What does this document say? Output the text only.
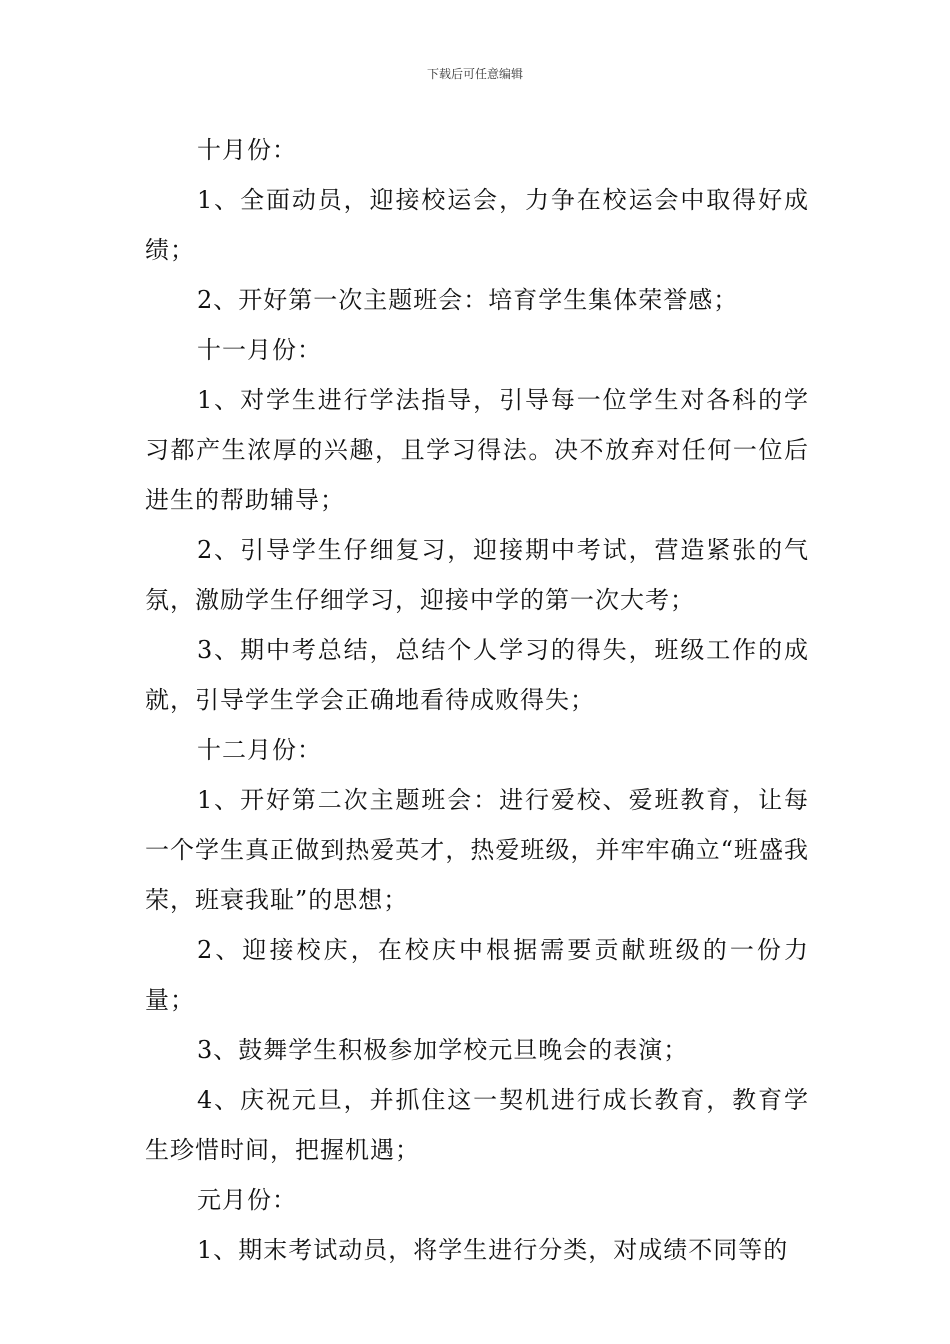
下载后可任意编辑

十月份：

1、全面动员，迎接校运会，力争在校运会中取得好成绩；

2、开好第一次主题班会：培育学生集体荣誉感；

十一月份：

1、对学生进行学法指导，引导每一位学生对各科的学习都产生浓厚的兴趣，且学习得法。决不放弃对任何一位后进生的帮助辅导；

2、引导学生仔细复习，迎接期中考试，营造紧张的气氛，激励学生仔细学习，迎接中学的第一次大考；

3、期中考总结，总结个人学习的得失，班级工作的成就，引导学生学会正确地看待成败得失；

十二月份：

1、开好第二次主题班会：进行爱校、爱班教育，让每一个学生真正做到热爱英才，热爱班级，并牢牢确立“班盛我荣，班衰我耻”的思想；

2、迎接校庆，在校庆中根据需要贡献班级的一份力量；

3、鼓舞学生积极参加学校元旦晚会的表演；

4、庆祝元旦，并抓住这一契机进行成长教育，教育学生珍惜时间，把握机遇；

元月份：

1、期末考试动员，将学生进行分类，对成绩不同等的
